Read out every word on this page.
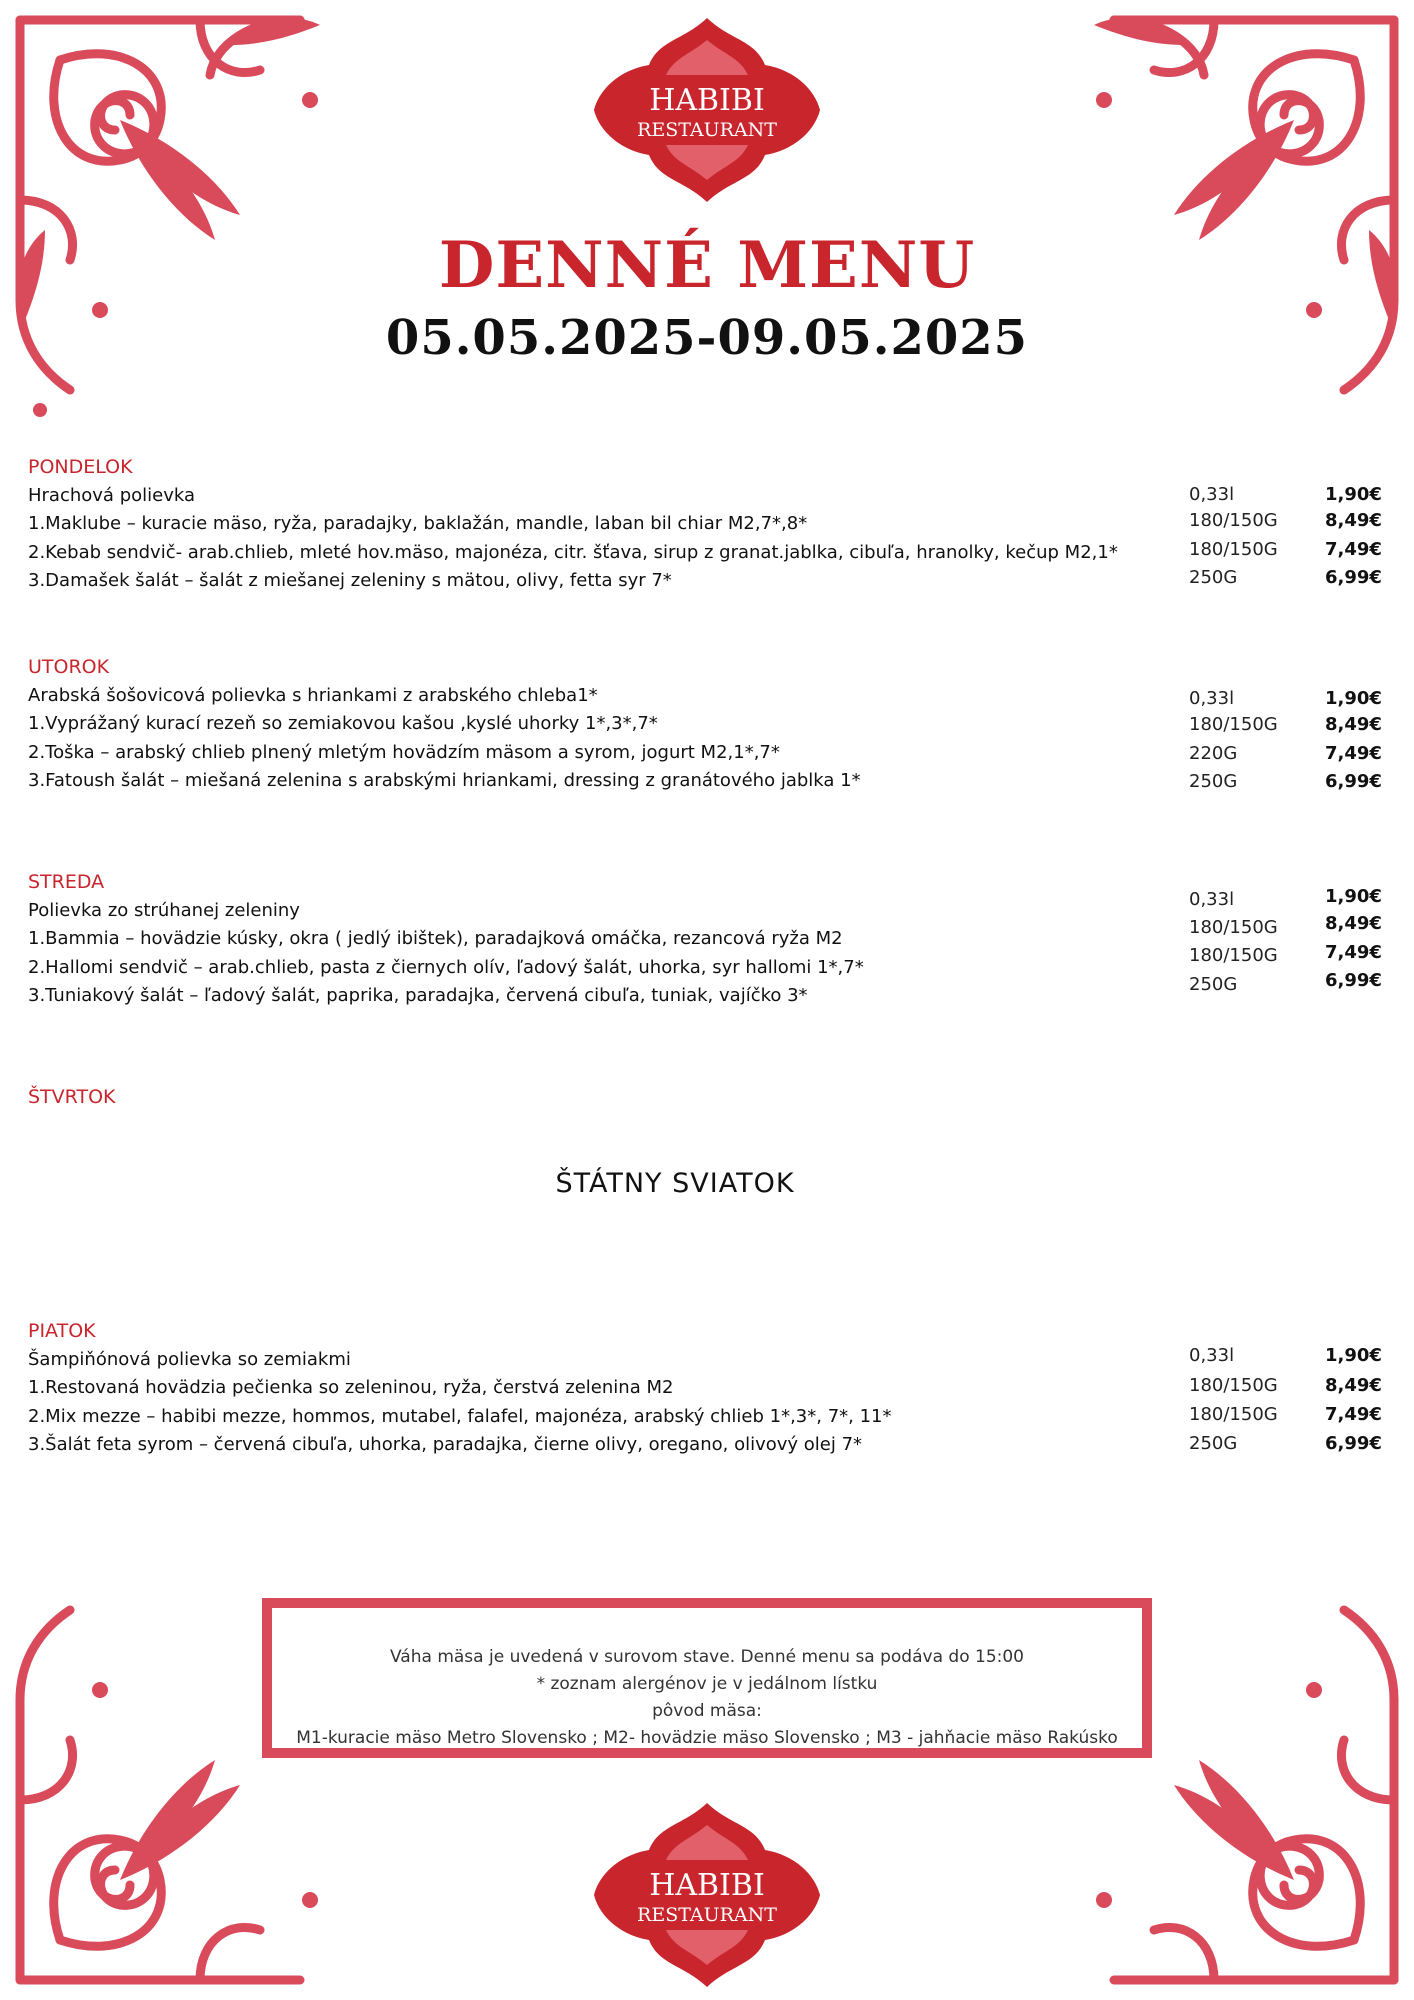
HABIBI
RESTAURANT
DENNÉ MENU
05.05.2025-09.05.2025
PONDELOK
Hrachová polievka
1.Maklube – kuracie mäso, ryža, paradajky, baklažán, mandle, laban bil chiar M2,7*,8*
2.Kebab sendvič- arab.chlieb, mleté hov.mäso, majonéza, citr. šťava, sirup z granat.jablka, cibuľa, hranolky, kečup M2,1*
3.Damašek šalát – šalát z miešanej zeleniny s mätou, olivy, fetta syr 7*
0,33l
180/150G
180/150G
250G
1,90€
8,49€
7,49€
6,99€
UTOROK
Arabská šošovicová polievka s hriankami z arabského chleba1*
1.Vyprážaný kurací rezeň so zemiakovou kašou ,kyslé uhorky 1*,3*,7*
2.Toška – arabský chlieb plnený mletým hovädzím mäsom a syrom, jogurt M2,1*,7*
3.Fatoush šalát – miešaná zelenina s arabskými hriankami, dressing z granátového jablka 1*
0,33l
180/150G
220G
250G
1,90€
8,49€
7,49€
6,99€
STREDA
Polievka zo strúhanej zeleniny
1.Bammia – hovädzie kúsky, okra ( jedlý ibištek), paradajková omáčka, rezancová ryža M2
2.Hallomi sendvič – arab.chlieb, pasta z čiernych olív, ľadový šalát, uhorka, syr hallomi 1*,7*
3.Tuniakový šalát – ľadový šalát, paprika, paradajka, červená cibuľa, tuniak, vajíčko 3*
0,33l
180/150G
180/150G
250G
1,90€
8,49€
7,49€
6,99€
ŠTVRTOK
ŠTÁTNY SVIATOK
PIATOK
Šampiňónová polievka so zemiakmi
1.Restovaná hovädzia pečienka so zeleninou, ryža, čerstvá zelenina M2
2.Mix mezze – habibi mezze, hommos, mutabel, falafel, majonéza, arabský chlieb 1*,3*, 7*, 11*
3.Šalát feta syrom – červená cibuľa, uhorka, paradajka, čierne olivy, oregano, olivový olej 7*
0,33l
180/150G
180/150G
250G
1,90€
8,49€
7,49€
6,99€
Váha mäsa je uvedená v surovom stave. Denné menu sa podáva do 15:00
* zoznam alergénov je v jedálnom lístku
pôvod mäsa:
M1-kuracie mäso Metro Slovensko ; M2- hovädzie mäso Slovensko ; M3 - jahňacie mäso Rakúsko
HABIBI
RESTAURANT
